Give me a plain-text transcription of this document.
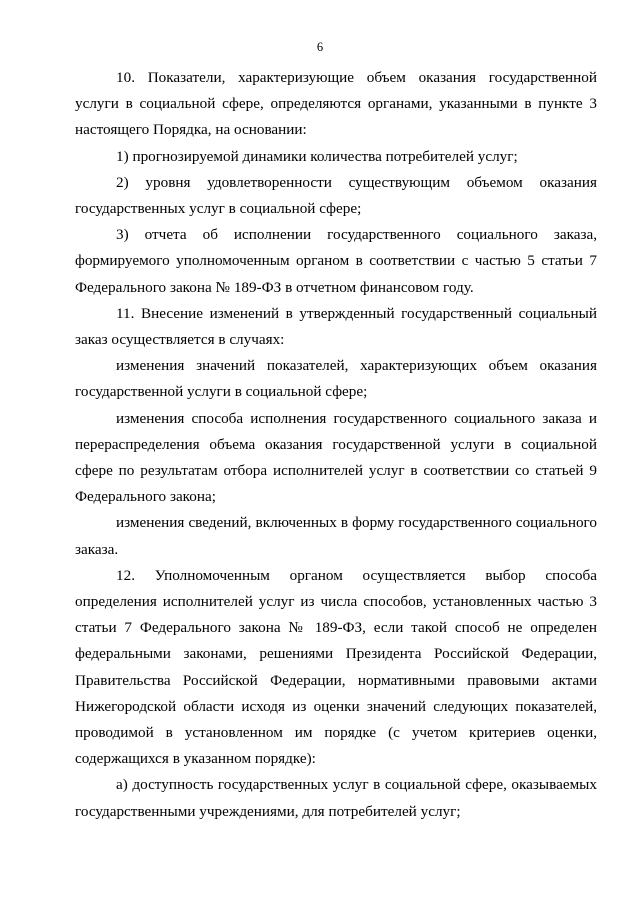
6

10. Показатели, характеризующие объем оказания государственной услуги в социальной сфере, определяются органами, указанными в пункте 3 настоящего Порядка, на основании:

1) прогнозируемой динамики количества потребителей услуг;

2) уровня удовлетворенности существующим объемом оказания государственных услуг в социальной сфере;

3) отчета об исполнении государственного социального заказа, формируемого уполномоченным органом в соответствии с частью 5 статьи 7 Федерального закона № 189-ФЗ в отчетном финансовом году.

11. Внесение изменений в утвержденный государственный социальный заказ осуществляется в случаях:

изменения значений показателей, характеризующих объем оказания государственной услуги в социальной сфере;

изменения способа исполнения государственного социального заказа и перераспределения объема оказания государственной услуги в социальной сфере по результатам отбора исполнителей услуг в соответствии со статьей 9 Федерального закона;

изменения сведений, включенных в форму государственного социального заказа.

12. Уполномоченным органом осуществляется выбор способа определения исполнителей услуг из числа способов, установленных частью 3 статьи 7 Федерального закона № 189-ФЗ, если такой способ не определен федеральными законами, решениями Президента Российской Федерации, Правительства Российской Федерации, нормативными правовыми актами Нижегородской области исходя из оценки значений следующих показателей, проводимой в установленном им порядке (с учетом критериев оценки, содержащихся в указанном порядке):

а) доступность государственных услуг в социальной сфере, оказываемых государственными учреждениями, для потребителей услуг;
